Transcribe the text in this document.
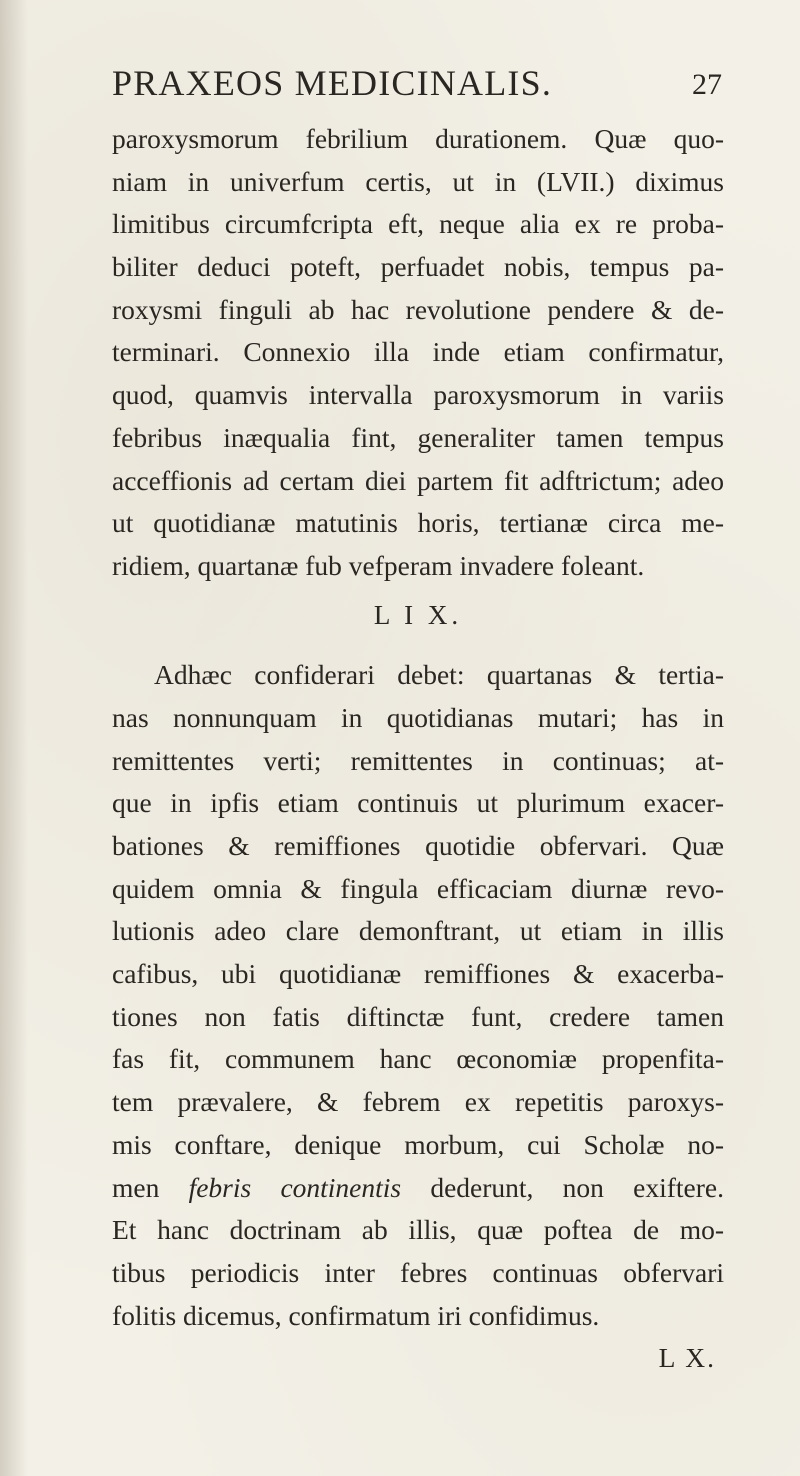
PRAXEOS MEDICINALIS.	27
paroxysmorum febrilium durationem. Quæ quo-
niam in univerfum certis, ut in (LVII.) diximus
limitibus circumfcripta eft, neque alia ex re proba-
biliter deduci poteft, perfuadet nobis, tempus pa-
roxysmi finguli ab hac revolutione pendere & de-
terminari. Connexio illa inde etiam confirmatur,
quod, quamvis intervalla paroxysmorum in variis
febribus inæqualia fint, generaliter tamen tempus
acceffionis ad certam diei partem fit adftrictum; adeo
ut quotidianæ matutinis horis, tertianæ circa me-
ridiem, quartanæ fub vefperam invadere foleant.
L I X.
Adhæc confiderari debet: quartanas & tertia-
nas nonnunquam in quotidianas mutari; has in
remittentes verti; remittentes in continuas; at-
que in ipfis etiam continuis ut plurimum exacer-
bationes & remiffiones quotidie obfervari. Quæ
quidem omnia & fingula efficaciam diurnæ revo-
lutionis adeo clare demonftrant, ut etiam in illis
cafibus, ubi quotidianæ remiffiones & exacerba-
tiones non fatis diftinctæ funt, credere tamen
fas fit, communem hanc œconomiæ propenfita-
tem prævalere, & febrem ex repetitis paroxys-
mis conftare, denique morbum, cui Scholæ no-
men febris continentis dederunt, non exiftere.
Et hanc doctrinam ab illis, quæ poftea de mo-
tibus periodicis inter febres continuas obfervari
folitis dicemus, confirmatum iri confidimus.
L X.
